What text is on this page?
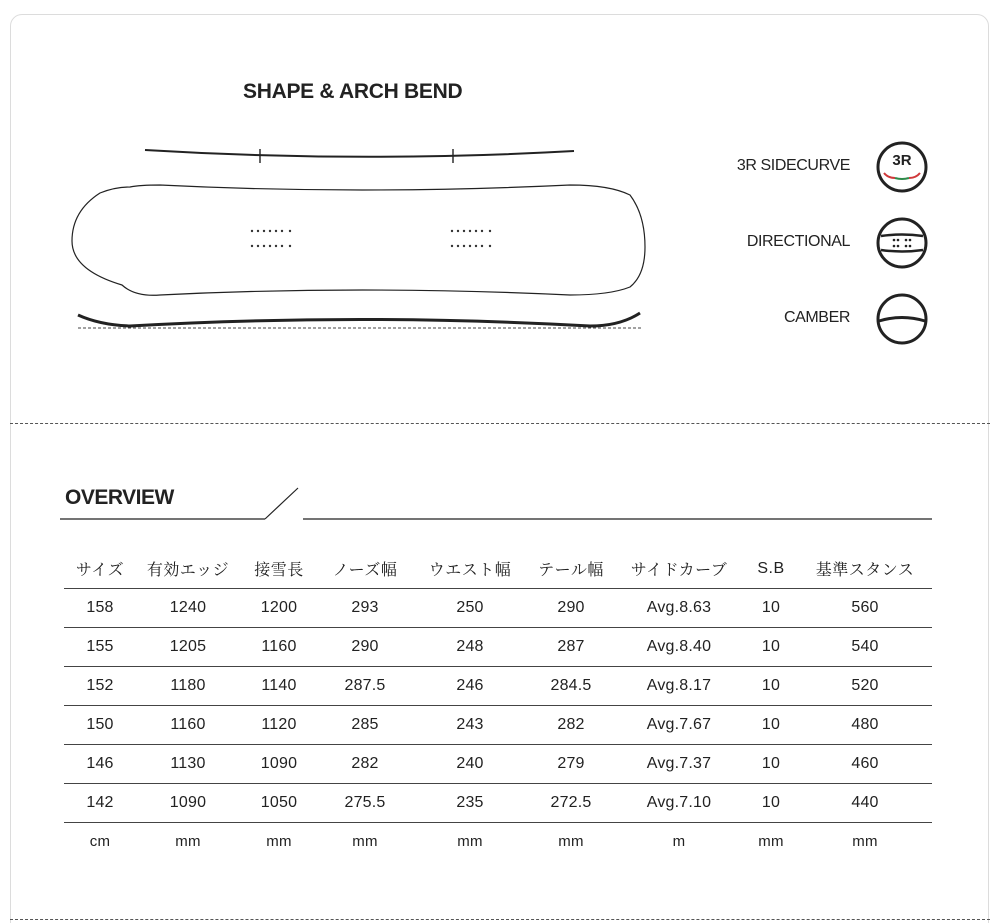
SHAPE & ARCH BEND
3R SIDECURVE	3R
DIRECTIONAL
CAMBER
OVERVIEW
サイズ	有効エッジ	接雪長	ノーズ幅	ウエスト幅	テール幅	サイドカーブ	S.B	基準スタンス
158	1240	1200	293	250	290	Avg.8.63	10	560
155	1205	1160	290	248	287	Avg.8.40	10	540
152	1180	1140	287.5	246	284.5	Avg.8.17	10	520
150	1160	1120	285	243	282	Avg.7.67	10	480
146	1130	1090	282	240	279	Avg.7.37	10	460
142	1090	1050	275.5	235	272.5	Avg.7.10	10	440
cm	mm	mm	mm	mm	mm	m	mm	mm
